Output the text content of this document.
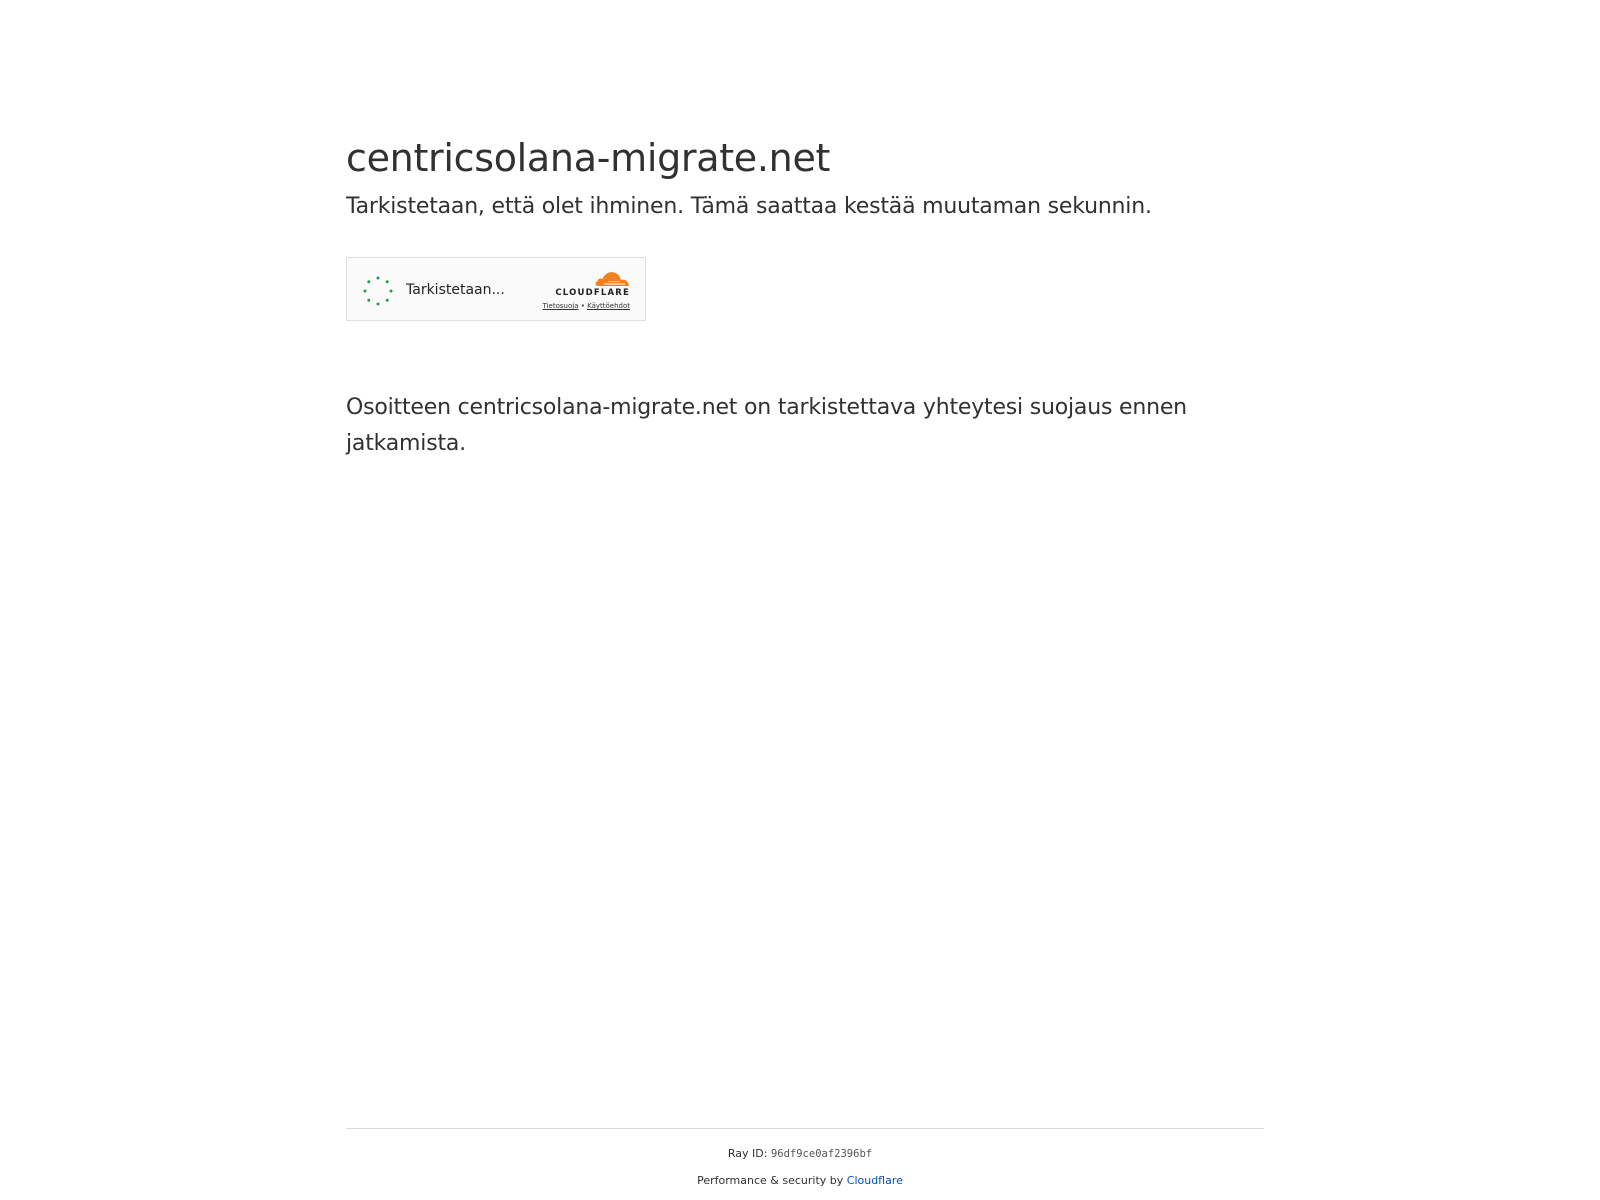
centricsolana-migrate.net
Tarkistetaan, että olet ihminen. Tämä saattaa kestää muutaman sekunnin.
Tarkistetaan...	CLOUDFLARE
Tietosuoja • Käyttöehdot

Osoitteen centricsolana-migrate.net on tarkistettava yhteytesi suojaus ennen jatkamista.

Ray ID: 96df9ce0af2396bf
Performance & security by Cloudflare
